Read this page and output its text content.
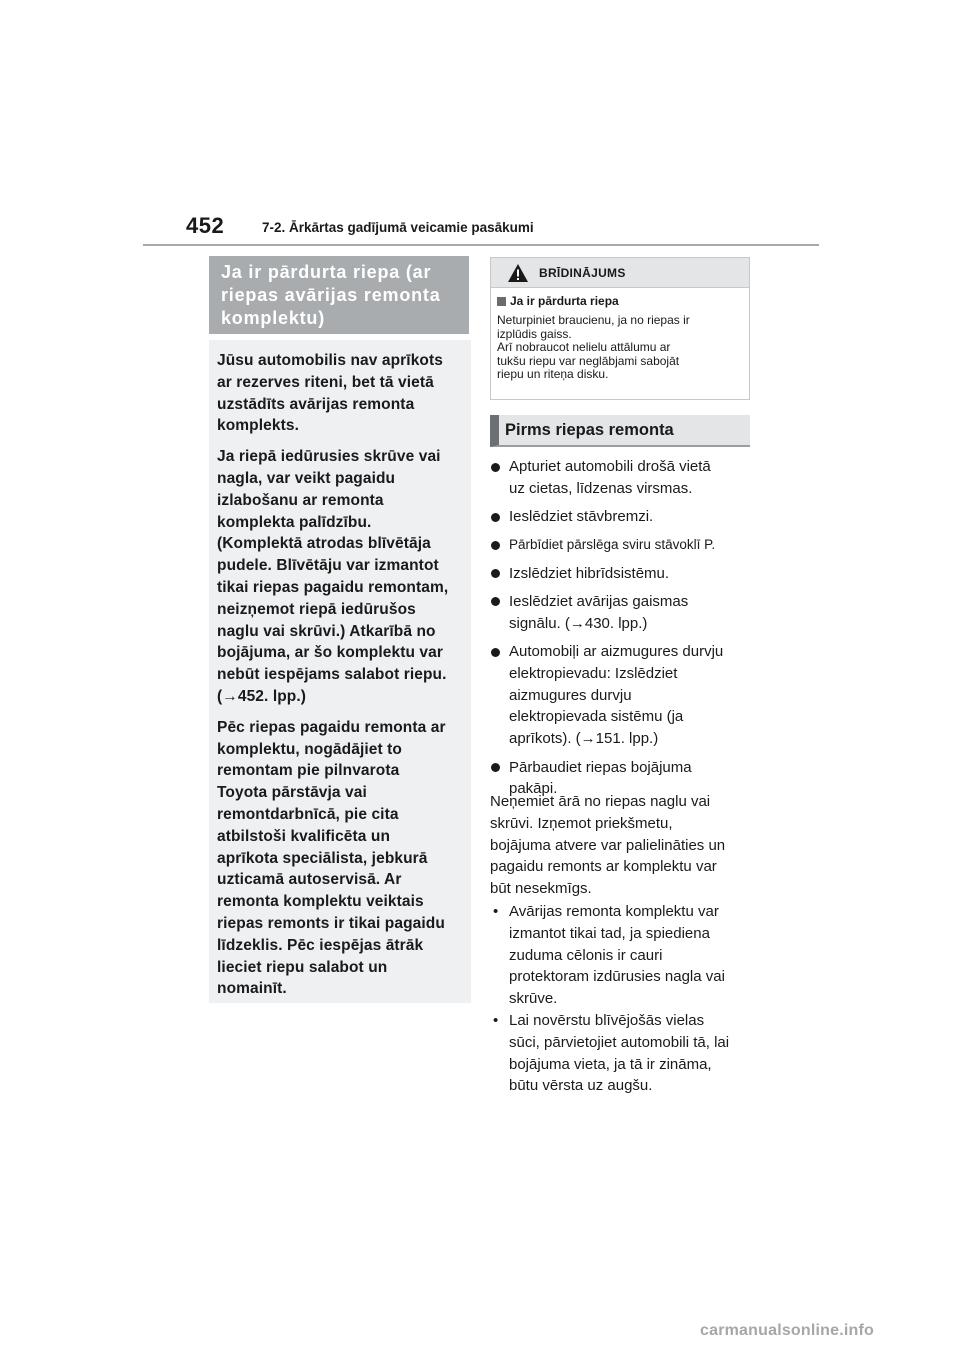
452	7-2. Ārkārtas gadījumā veicamie pasākumi
Ja ir pārdurta riepa (ar riepas avārijas remonta komplektu)

Jūsu automobilis nav aprīkots
ar rezerves riteni, bet tā vietā
uzstādīts avārijas remonta
komplekts.

Ja riepā iedūrusies skrūve vai
nagla, var veikt pagaidu
izlabošanu ar remonta
komplekta palīdzību.
(Komplektā atrodas blīvētāja
pudele. Blīvētāju var izmantot
tikai riepas pagaidu remontam,
neizņemot riepā iedūrušos
naglu vai skrūvi.) Atkarībā no
bojājuma, ar šo komplektu var
nebūt iespējams salabot riepu.
(→452. lpp.)

Pēc riepas pagaidu remonta ar
komplektu, nogādājiet to
remontam pie pilnvarota
Toyota pārstāvja vai
remontdarbnīcā, pie cita
atbilstoši kvalificēta un
aprīkota speciālista, jebkurā
uzticamā autoservisā. Ar
remonta komplektu veiktais
riepas remonts ir tikai pagaidu
līdzeklis. Pēc iespējas ātrāk
lieciet riepu salabot un
nomainīt.

BRĪDINĀJUMS
Ja ir pārdurta riepa
Neturpiniet braucienu, ja no riepas ir
izplūdis gaiss.
Arī nobraucot nelielu attālumu ar
tukšu riepu var neglābjami sabojāt
riepu un riteņa disku.
Pirms riepas remonta
Apturiet automobili drošā vietā
uz cietas, līdzenas virsmas.
Ieslēdziet stāvbremzi.
Pārbīdiet pārslēga sviru stāvoklī P.
Izslēdziet hibrīdsistēmu.
Ieslēdziet avārijas gaismas
signālu. (→430. lpp.)
Automobiļi ar aizmugures durvju
elektropievadu: Izslēdziet
aizmugures durvju
elektropievada sistēmu (ja
aprīkots). (→151. lpp.)
Pārbaudiet riepas bojājuma
pakāpi.

Neņemiet ārā no riepas naglu vai
skrūvi. Izņemot priekšmetu,
bojājuma atvere var palielināties un
pagaidu remonts ar komplektu var
būt nesekmīgs.

• Avārijas remonta komplektu var
izmantot tikai tad, ja spiediena
zuduma cēlonis ir cauri
protektoram izdūrusies nagla vai
skrūve.
• Lai novērstu blīvējošās vielas
sūci, pārvietojiet automobili tā, lai
bojājuma vieta, ja tā ir zināma,
būtu vērsta uz augšu.
carmanualsonline.info
